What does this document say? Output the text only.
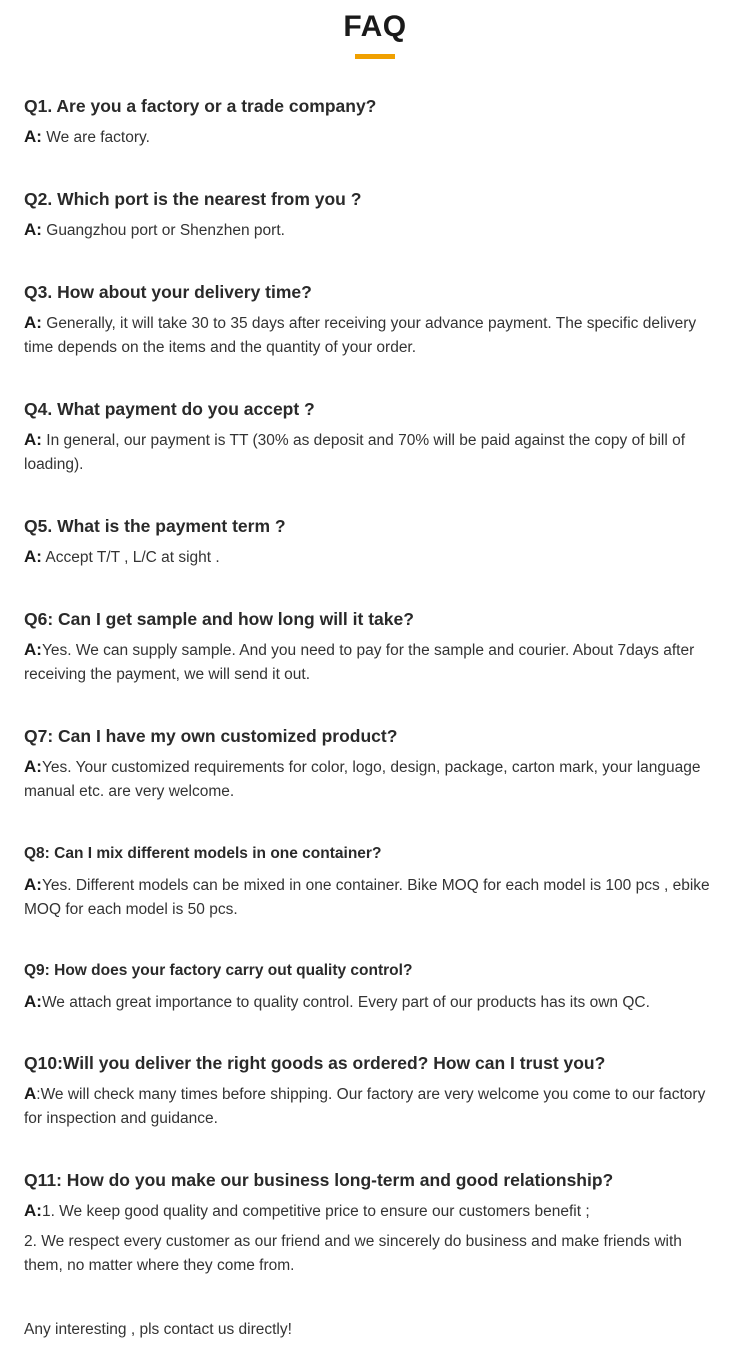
FAQ

Q1. Are you a factory or a trade company?

A: We are factory.

Q2. Which port is the nearest from you ?

A: Guangzhou port or Shenzhen port.

Q3. How about your delivery time?

A: Generally, it will take 30 to 35 days after receiving your advance payment. The specific delivery time depends on the items and the quantity of your order.

Q4. What payment do you accept ?

A: In general, our payment is TT (30% as deposit and 70% will be paid against the copy of bill of loading).

Q5. What is the payment term ?

A: Accept T/T , L/C at sight .

Q6: Can I get sample and how long will it take?

A:Yes. We can supply sample. And you need to pay for the sample and courier. About 7days after receiving the payment, we will send it out.

Q7: Can I have my own customized product?

A:Yes. Your customized requirements for color, logo, design, package, carton mark, your language manual etc. are very welcome.

Q8: Can I mix different models in one container?

A:Yes. Different models can be mixed in one container. Bike MOQ for each model is 100 pcs , ebike MOQ for each model is 50 pcs.

Q9: How does your factory carry out quality control?

A:We attach great importance to quality control. Every part of our products has its own QC.

Q10:Will you deliver the right goods as ordered? How can I trust you?

A:We will check many times before shipping. Our factory are very welcome you come to our factory for inspection and guidance.

Q11: How do you make our business long-term and good relationship?

A:1. We keep good quality and competitive price to ensure our customers benefit ;

2. We respect every customer as our friend and we sincerely do business and make friends with them, no matter where they come from.

Any interesting , pls contact us directly!
